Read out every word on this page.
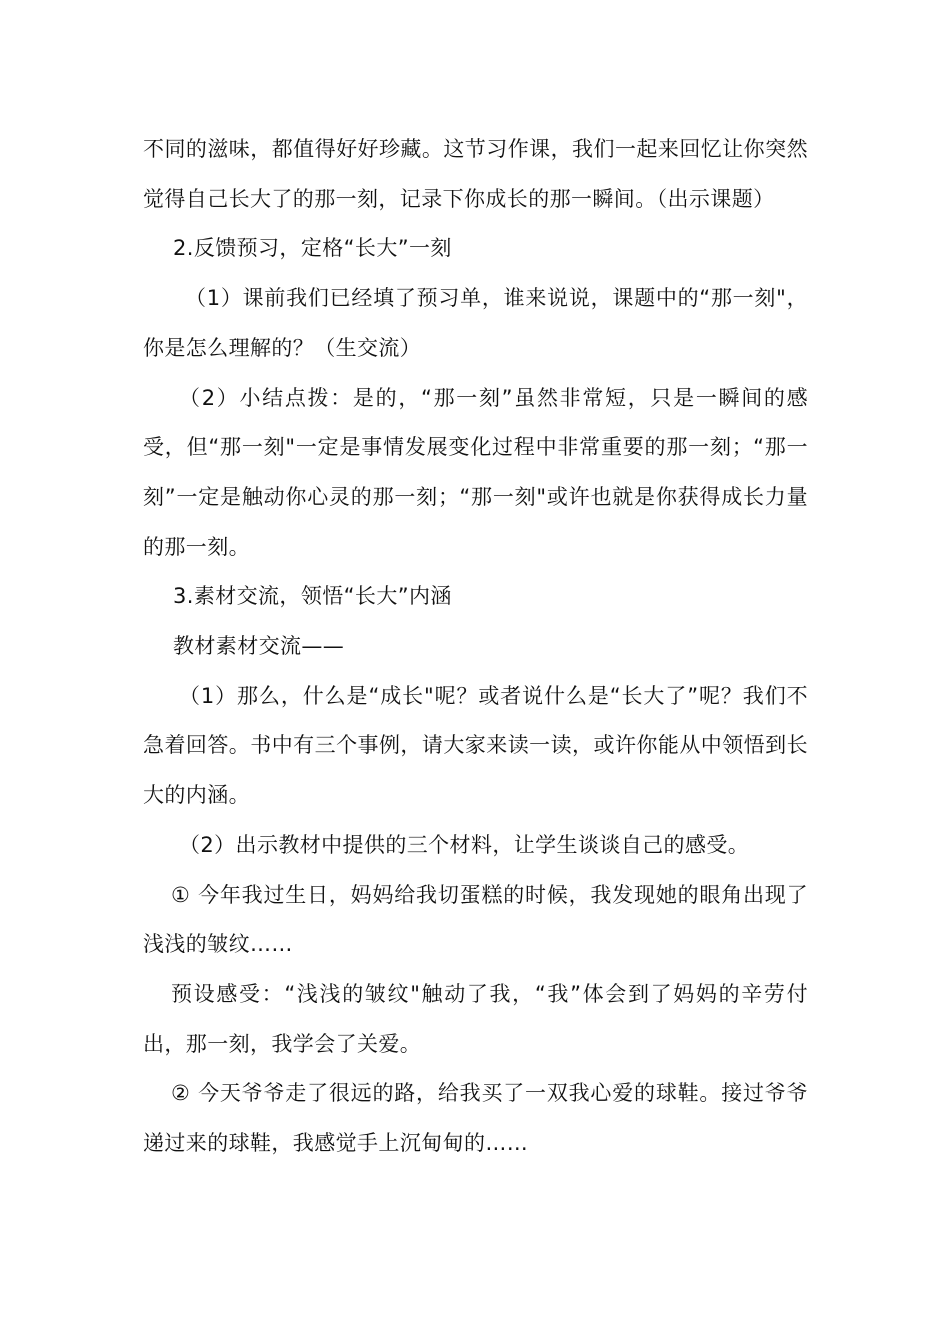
不同的滋味，都值得好好珍藏。这节习作课，我们一起来回忆让你突然觉得自己长大了的那一刻，记录下你成长的那一瞬间。（出示课题）

2.反馈预习，定格“长大”一刻

（1）课前我们已经填了预习单，谁来说说，课题中的“那一刻"，你是怎么理解的？（生交流）

（2）小结点拨：是的，“那一刻”虽然非常短，只是一瞬间的感受，但“那一刻"一定是事情发展变化过程中非常重要的那一刻；“那一刻”一定是触动你心灵的那一刻；“那一刻"或许也就是你获得成长力量的那一刻。

3.素材交流，领悟“长大”内涵

教材素材交流——

（1）那么，什么是“成长"呢？或者说什么是“长大了”呢？我们不急着回答。书中有三个事例，请大家来读一读，或许你能从中领悟到长大的内涵。

（2）出示教材中提供的三个材料，让学生谈谈自己的感受。

① 今年我过生日，妈妈给我切蛋糕的时候，我发现她的眼角出现了浅浅的皱纹……

预设感受：“浅浅的皱纹"触动了我，“我”体会到了妈妈的辛劳付出，那一刻，我学会了关爱。

② 今天爷爷走了很远的路，给我买了一双我心爱的球鞋。接过爷爷递过来的球鞋，我感觉手上沉甸甸的……
